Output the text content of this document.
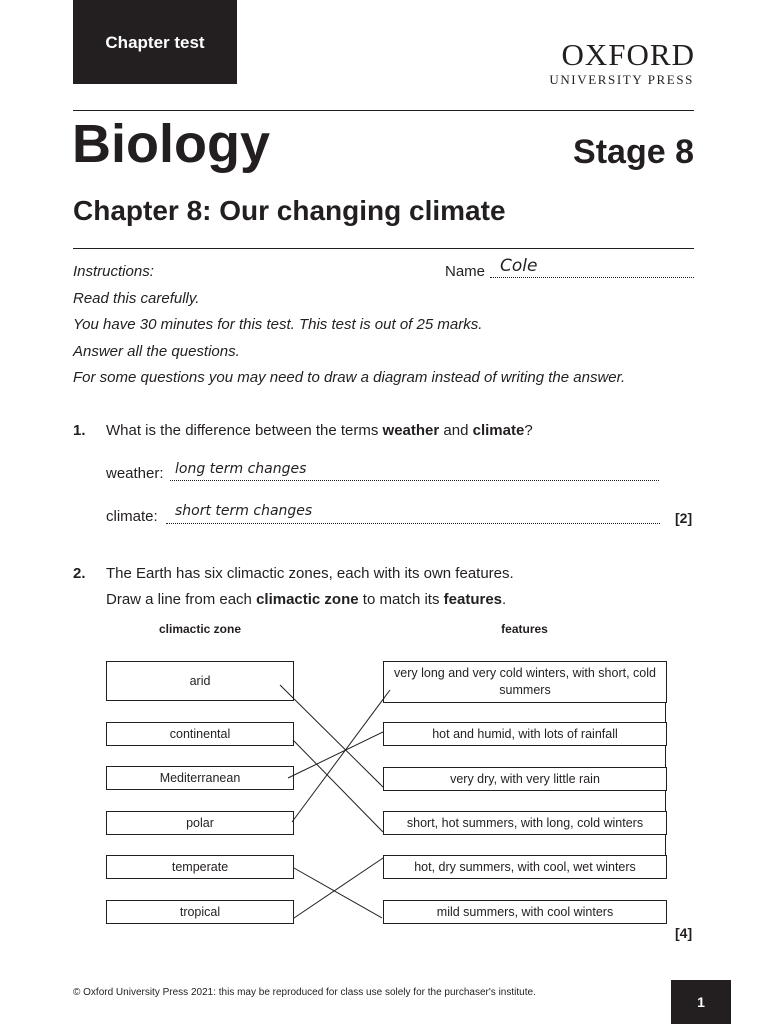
Chapter test	OXFORD
UNIVERSITY PRESS
Biology	Stage 8
Chapter 8: Our changing climate
Instructions:
Read this carefully.
You have 30 minutes for this test. This test is out of 25 marks.
Answer all the questions.
For some questions you may need to draw a diagram instead of writing the answer.
Name Cole
1. What is the difference between the terms weather and climate?
weather: long term changes
climate: short term changes	[2]
2. The Earth has six climactic zones, each with its own features.
Draw a line from each climactic zone to match its features.
climactic zone	features
arid
continental
Mediterranean
polar
temperate
tropical
very long and very cold winters, with short, cold summers
hot and humid, with lots of rainfall
very dry, with very little rain
short, hot summers, with long, cold winters
hot, dry summers, with cool, wet winters
mild summers, with cool winters
[4]
© Oxford University Press 2021: this may be reproduced for class use solely for the purchaser's institute.
1
